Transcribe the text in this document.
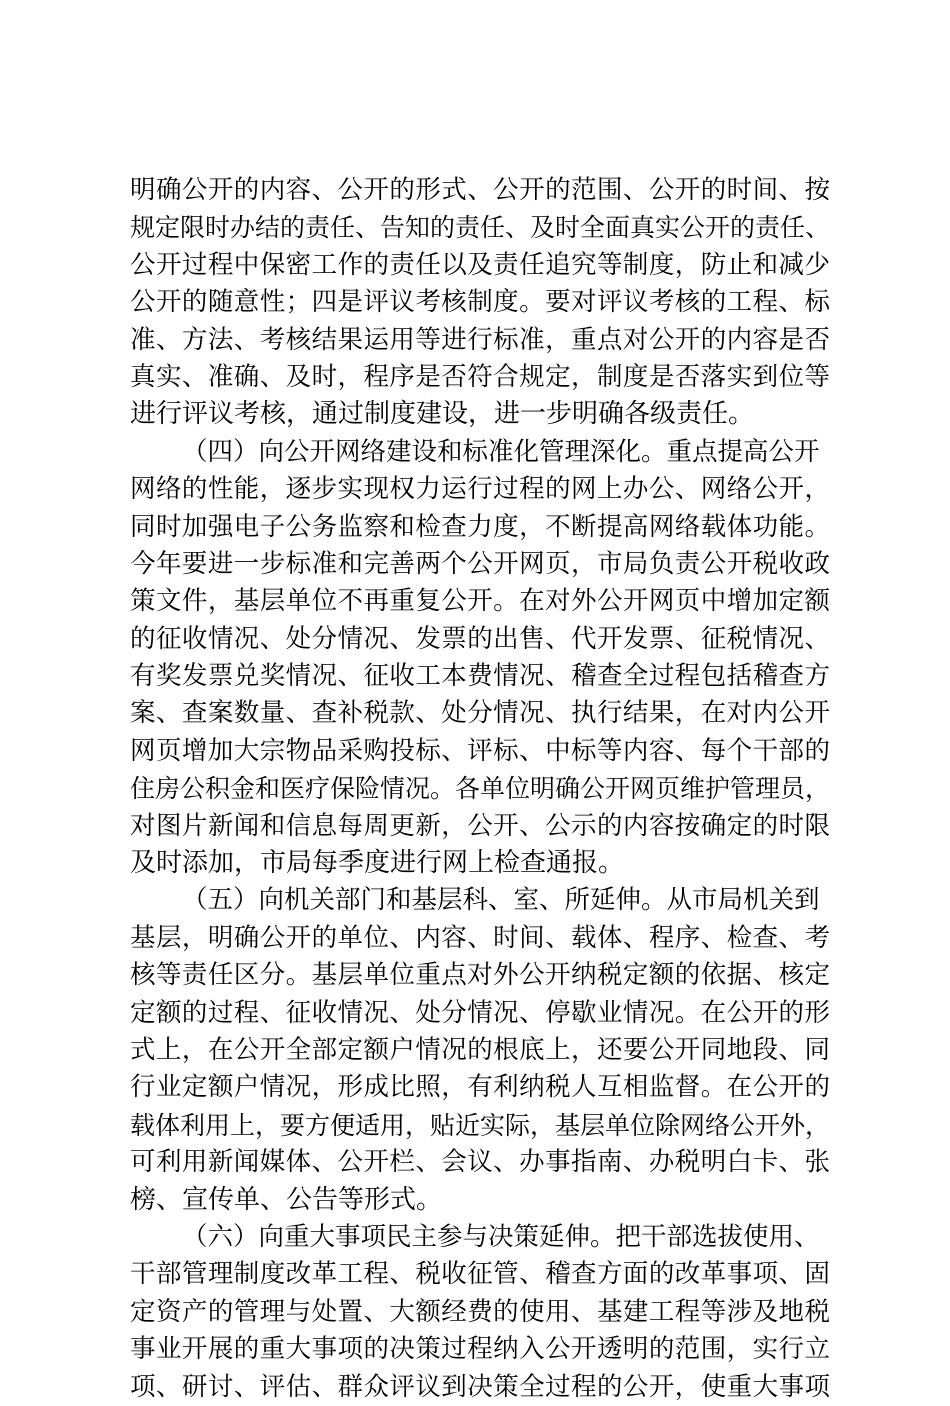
明确公开的内容、公开的形式、公开的范围、公开的时间、按
规定限时办结的责任、告知的责任、及时全面真实公开的责任、
公开过程中保密工作的责任以及责任追究等制度，防止和减少
公开的随意性；四是评议考核制度。要对评议考核的工程、标
准、方法、考核结果运用等进行标准，重点对公开的内容是否
真实、准确、及时，程序是否符合规定，制度是否落实到位等
进行评议考核，通过制度建设，进一步明确各级责任。
（四）向公开网络建设和标准化管理深化。重点提高公开
网络的性能，逐步实现权力运行过程的网上办公、网络公开，
同时加强电子公务监察和检查力度，不断提高网络载体功能。
今年要进一步标准和完善两个公开网页，市局负责公开税收政
策文件，基层单位不再重复公开。在对外公开网页中增加定额
的征收情况、处分情况、发票的出售、代开发票、征税情况、
有奖发票兑奖情况、征收工本费情况、稽查全过程包括稽查方
案、查案数量、查补税款、处分情况、执行结果，在对内公开
网页增加大宗物品采购投标、评标、中标等内容、每个干部的
住房公积金和医疗保险情况。各单位明确公开网页维护管理员，
对图片新闻和信息每周更新，公开、公示的内容按确定的时限
及时添加，市局每季度进行网上检查通报。
（五）向机关部门和基层科、室、所延伸。从市局机关到
基层，明确公开的单位、内容、时间、载体、程序、检查、考
核等责任区分。基层单位重点对外公开纳税定额的依据、核定
定额的过程、征收情况、处分情况、停歇业情况。在公开的形
式上，在公开全部定额户情况的根底上，还要公开同地段、同
行业定额户情况，形成比照，有利纳税人互相监督。在公开的
载体利用上，要方便适用，贴近实际，基层单位除网络公开外，
可利用新闻媒体、公开栏、会议、办事指南、办税明白卡、张
榜、宣传单、公告等形式。
（六）向重大事项民主参与决策延伸。把干部选拔使用、
干部管理制度改革工程、税收征管、稽查方面的改革事项、固
定资产的管理与处置、大额经费的使用、基建工程等涉及地税
事业开展的重大事项的决策过程纳入公开透明的范围，实行立
项、研讨、评估、群众评议到决策全过程的公开，使重大事项
